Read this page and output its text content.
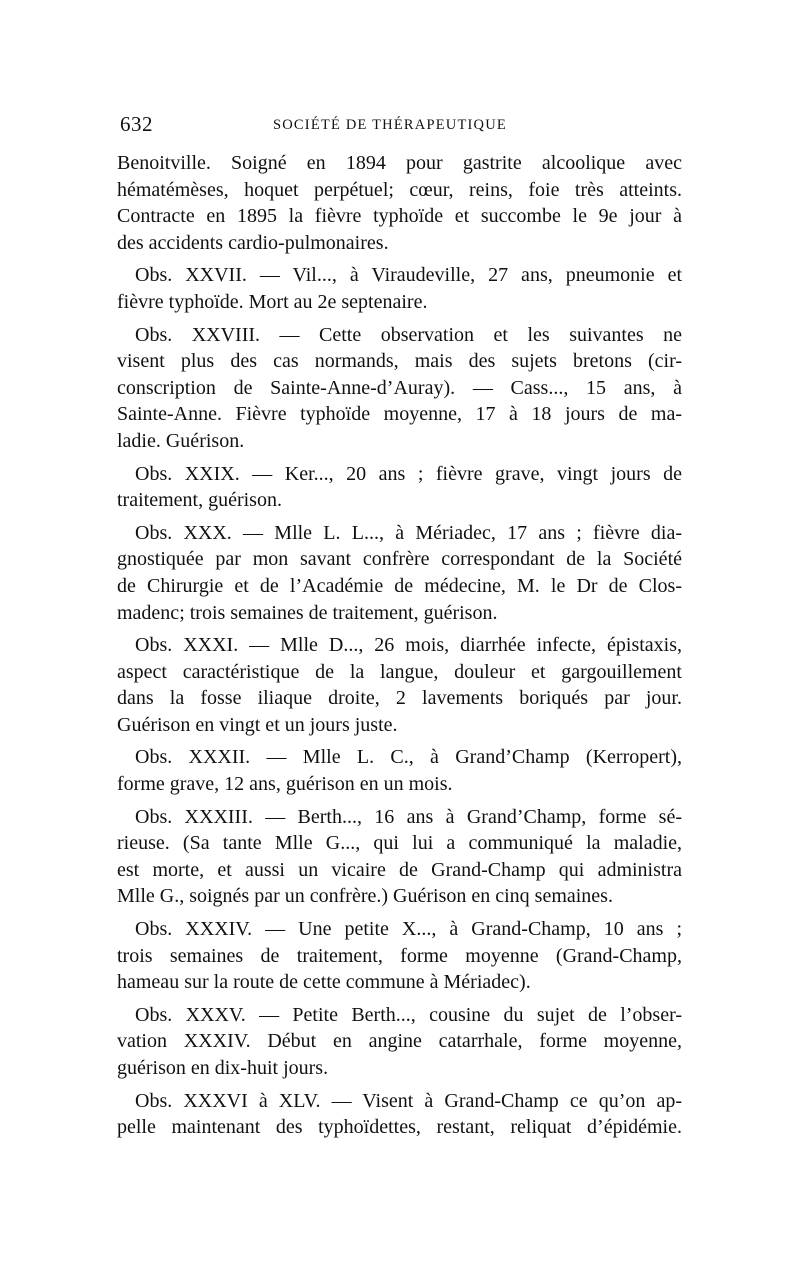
632	SOCIÉTÉ DE THÉRAPEUTIQUE
Benoitville. Soigné en 1894 pour gastrite alcoolique avec
hématémèses, hoquet perpétuel; cœur, reins, foie très atteints.
Contracte en 1895 la fièvre typhoïde et succombe le 9e jour à
des accidents cardio-pulmonaires.
Obs. XXVII. — Vil..., à Viraudeville, 27 ans, pneumonie et
fièvre typhoïde. Mort au 2e septenaire.
Obs. XXVIII. — Cette observation et les suivantes ne
visent plus des cas normands, mais des sujets bretons (cir-
conscription de Sainte-Anne-d’Auray). — Cass..., 15 ans, à
Sainte-Anne. Fièvre typhoïde moyenne, 17 à 18 jours de ma-
ladie. Guérison.
Obs. XXIX. — Ker..., 20 ans ; fièvre grave, vingt jours de
traitement, guérison.
Obs. XXX. — Mlle L. L..., à Mériadec, 17 ans ; fièvre dia-
gnostiquée par mon savant confrère correspondant de la Société
de Chirurgie et de l’Académie de médecine, M. le Dr de Clos-
madenc; trois semaines de traitement, guérison.
Obs. XXXI. — Mlle D..., 26 mois, diarrhée infecte, épistaxis,
aspect caractéristique de la langue, douleur et gargouillement
dans la fosse iliaque droite, 2 lavements boriqués par jour.
Guérison en vingt et un jours juste.
Obs. XXXII. — Mlle L. C., à Grand’Champ (Kerropert),
forme grave, 12 ans, guérison en un mois.
Obs. XXXIII. — Berth..., 16 ans à Grand’Champ, forme sé-
rieuse. (Sa tante Mlle G..., qui lui a communiqué la maladie,
est morte, et aussi un vicaire de Grand-Champ qui administra
Mlle G., soignés par un confrère.) Guérison en cinq semaines.
Obs. XXXIV. — Une petite X..., à Grand-Champ, 10 ans ;
trois semaines de traitement, forme moyenne (Grand-Champ,
hameau sur la route de cette commune à Mériadec).
Obs. XXXV. — Petite Berth..., cousine du sujet de l’obser-
vation XXXIV. Début en angine catarrhale, forme moyenne,
guérison en dix-huit jours.
Obs. XXXVI à XLV. — Visent à Grand-Champ ce qu’on ap-
pelle maintenant des typhoïdettes, restant, reliquat d’épidémie.
